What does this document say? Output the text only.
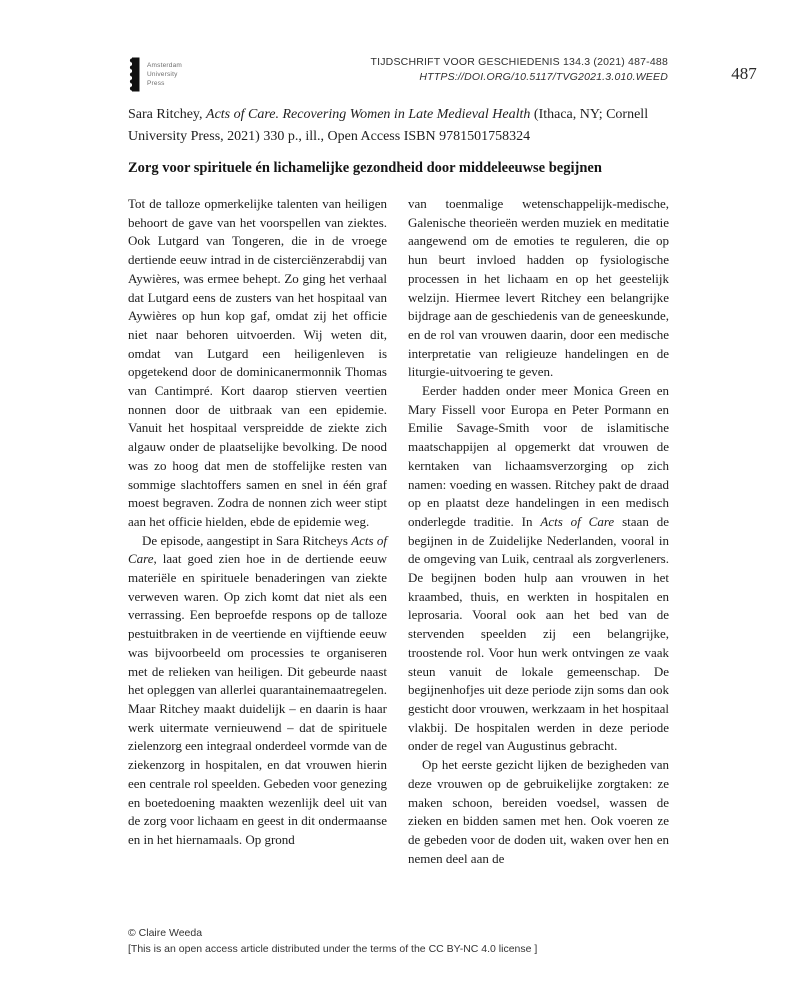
Amsterdam
University
Press
TIJDSCHRIFT VOOR GESCHIEDENIS 134.3 (2021) 487-488
HTTPS://DOI.ORG/10.5117/TVG2021.3.010.WEED	487
Sara Ritchey, Acts of Care. Recovering Women in Late Medieval Health (Ithaca, NY; Cornell University Press, 2021) 330 p., ill., Open Access ISBN 9781501758324
Zorg voor spirituele én lichamelijke gezondheid door middeleeuwse begijnen

Tot de talloze opmerkelijke talenten van heiligen behoort de gave van het voorspellen van ziektes. Ook Lutgard van Tongeren, die in de vroege dertiende eeuw intrad in de cisterciënzerabdij van Aywières, was ermee behept. Zo ging het verhaal dat Lutgard eens de zusters van het hospitaal van Aywières op hun kop gaf, omdat zij het officie niet naar behoren uitvoerden. Wij weten dit, omdat van Lutgard een heiligenleven is opgetekend door de dominicanermonnik Thomas van Cantimpré. Kort daarop stierven veertien nonnen door de uitbraak van een epidemie. Vanuit het hospitaal verspreidde de ziekte zich algauw onder de plaatselijke bevolking. De nood was zo hoog dat men de stoffelijke resten van sommige slachtoffers samen en snel in één graf moest begraven. Zodra de nonnen zich weer stipt aan het officie hielden, ebde de epidemie weg.

De episode, aangestipt in Sara Ritcheys Acts of Care, laat goed zien hoe in de dertiende eeuw materiële en spirituele benaderingen van ziekte verweven waren. Op zich komt dat niet als een verrassing. Een beproefde respons op de talloze pestuitbraken in de veertiende en vijftiende eeuw was bijvoorbeeld om processies te organiseren met de relieken van heiligen. Dit gebeurde naast het opleggen van allerlei quarantainemaatregelen. Maar Ritchey maakt duidelijk – en daarin is haar werk uitermate vernieuwend – dat de spirituele zielenzorg een integraal onderdeel vormde van de ziekenzorg in hospitalen, en dat vrouwen hierin een centrale rol speelden. Gebeden voor genezing en boetedoening maakten wezenlijk deel uit van de zorg voor lichaam en geest in dit ondermaanse en in het hiernamaals. Op grond

van toenmalige wetenschappelijk-medische, Galenische theorieën werden muziek en meditatie aangewend om de emoties te reguleren, die op hun beurt invloed hadden op fysiologische processen in het lichaam en op het geestelijk welzijn. Hiermee levert Ritchey een belangrijke bijdrage aan de geschiedenis van de geneeskunde, en de rol van vrouwen daarin, door een medische interpretatie van religieuze handelingen en de liturgie-uitvoering te geven.

Eerder hadden onder meer Monica Green en Mary Fissell voor Europa en Peter Pormann en Emilie Savage-Smith voor de islamitische maatschappijen al opgemerkt dat vrouwen de kerntaken van lichaamsverzorging op zich namen: voeding en wassen. Ritchey pakt de draad op en plaatst deze handelingen in een medisch onderlegde traditie. In Acts of Care staan de begijnen in de Zuidelijke Nederlanden, vooral in de omgeving van Luik, centraal als zorgverleners. De begijnen boden hulp aan vrouwen in het kraambed, thuis, en werkten in hospitalen en leprosaria. Vooral ook aan het bed van de stervenden speelden zij een belangrijke, troostende rol. Voor hun werk ontvingen ze vaak steun vanuit de lokale gemeenschap. De begijnenhofjes uit deze periode zijn soms dan ook gesticht door vrouwen, werkzaam in het hospitaal vlakbij. De hospitalen werden in deze periode onder de regel van Augustinus gebracht.

Op het eerste gezicht lijken de bezigheden van deze vrouwen op de gebruikelijke zorgtaken: ze maken schoon, bereiden voedsel, wassen de zieken en bidden samen met hen. Ook voeren ze de gebeden voor de doden uit, waken over hen en nemen deel aan de

© Claire Weeda
[This is an open access article distributed under the terms of the CC BY-NC 4.0 license ]
